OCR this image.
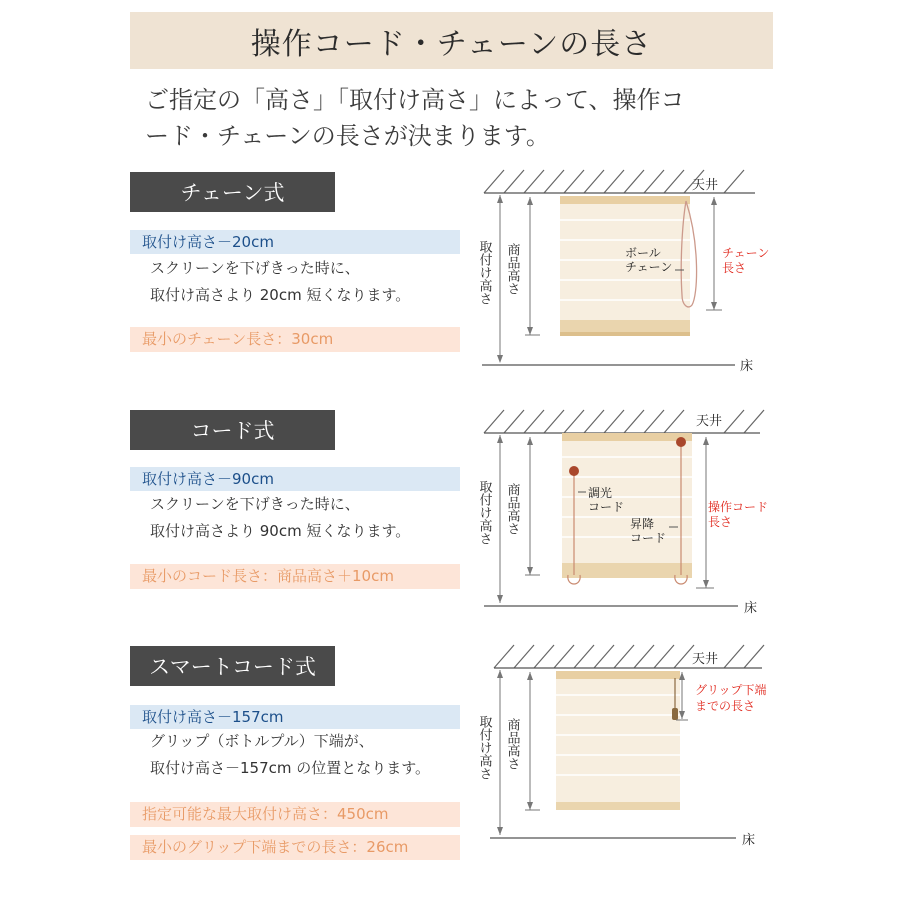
操作コード・チェーンの長さ
ご指定の「高さ」「取付け高さ」によって、操作コ
ード・チェーンの長さが決まります。
チェーン式
取付け高さ－20cm
スクリーンを下げきった時に、
取付け高さより 20cm 短くなります。
最小のチェーン長さ：30cm
天井
床
取付け高さ 商品高さ	ボール
チェーン
チェーン
長さ
コード式
取付け高さ－90cm
スクリーンを下げきった時に、
取付け高さより 90cm 短くなります。
最小のコード長さ：商品高さ＋10cm
天井
床
取付け高さ 商品高さ	調光
コード
昇降
コード
操作コード
長さ
スマートコード式
取付け高さ－157cm
グリップ（ボトルプル）下端が、
取付け高さ－157cm の位置となります。
指定可能な最大取付け高さ：450cm
最小のグリップ下端までの長さ：26cm
天井
床
取付け高さ 商品高さ
グリップ下端
までの長さ
